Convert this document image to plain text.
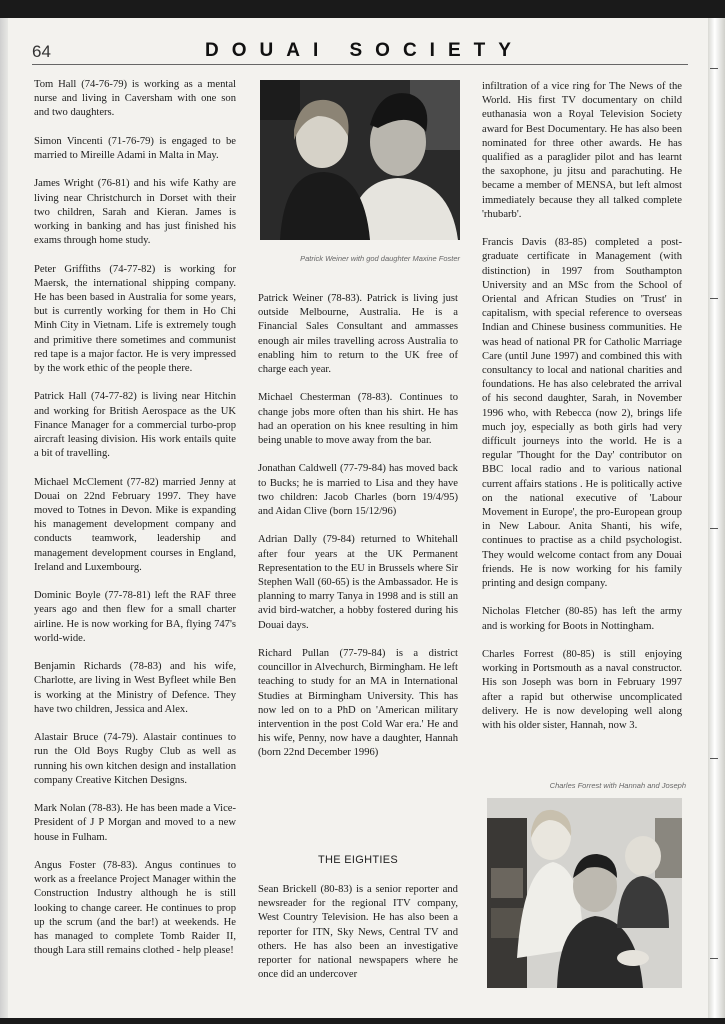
64	DOUAI SOCIETY

Tom Hall (74-76-79) is working as a mental nurse and living in Caversham with one son and two daughters.

Simon Vincenti (71-76-79) is engaged to be married to Mireille Adami in Malta in May.

James Wright (76-81) and his wife Kathy are living near Christchurch in Dorset with their two children, Sarah and Kieran. James is working in banking and has just finished his exams through home study.

Peter Griffiths (74-77-82) is working for Maersk, the international shipping company. He has been based in Australia for some years, but is currently working for them in Ho Chi Minh City in Vietnam. Life is extremely tough and primitive there sometimes and communist red tape is a major factor. He is very impressed by the work ethic of the people there.

Patrick Hall (74-77-82) is living near Hitchin and working for British Aerospace as the UK Finance Manager for a commercial turbo-prop aircraft leasing division. His work entails quite a bit of travelling.

Michael McClement (77-82) married Jenny at Douai on 22nd February 1997. They have moved to Totnes in Devon. Mike is expanding his management development company and conducts teamwork, leadership and management development courses in England, Ireland and Luxembourg.

Dominic Boyle (77-78-81) left the RAF three years ago and then flew for a small charter airline. He is now working for BA, flying 747's world-wide.

Benjamin Richards (78-83) and his wife, Charlotte, are living in West Byfleet while Ben is working at the Ministry of Defence. They have two children, Jessica and Alex.

Alastair Bruce (74-79). Alastair continues to run the Old Boys Rugby Club as well as running his own kitchen design and installation company Creative Kitchen Designs.

Mark Nolan (78-83). He has been made a Vice-President of J P Morgan and moved to a new house in Fulham.

Angus Foster (78-83). Angus continues to work as a freelance Project Manager within the Construction Industry although he is still looking to change career. He continues to prop up the scrum (and the bar!) at weekends. He has managed to complete Tomb Raider II, though Lara still remains clothed - help please!

Patrick Weiner with god daughter Maxine Foster

Patrick Weiner (78-83). Patrick is living just outside Melbourne, Australia. He is a Financial Sales Consultant and ammasses enough air miles travelling across Australia to enabling him to return to the UK free of charge each year.

Michael Chesterman (78-83). Continues to change jobs more often than his shirt. He has had an operation on his knee resulting in him being unable to move away from the bar.

Jonathan Caldwell (77-79-84) has moved back to Bucks; he is married to Lisa and they have two children: Jacob Charles (born 19/4/95) and Aidan Clive (born 15/12/96)

Adrian Dally (79-84) returned to Whitehall after four years at the UK Permanent Representation to the EU in Brussels where Sir Stephen Wall (60-65) is the Ambassador. He is planning to marry Tanya in 1998 and is still an avid bird-watcher, a hobby fostered during his Douai days.

Richard Pullan (77-79-84) is a district councillor in Alvechurch, Birmingham. He left teaching to study for an MA in International Studies at Birmingham University. This has now led on to a PhD on 'American military intervention in the post Cold War era.' He and his wife, Penny, now have a daughter, Hannah (born 22nd December 1996)

THE EIGHTIES

Sean Brickell (80-83) is a senior reporter and newsreader for the regional ITV company, West Country Television. He has also been a reporter for ITN, Sky News, Central TV and others. He has also been an investigative reporter for national newspapers where he once did an undercover

infiltration of a vice ring for The News of the World. His first TV documentary on child euthanasia won a Royal Television Society award for Best Documentary. He has also been nominated for three other awards. He has qualified as a paraglider pilot and has learnt the saxophone, ju jitsu and parachuting. He became a member of MENSA, but left almost immediately because they all talked complete 'rhubarb'.

Francis Davis (83-85) completed a post-graduate certificate in Management (with distinction) in 1997 from Southampton University and an MSc from the School of Oriental and African Studies on 'Trust' in capitalism, with special reference to overseas Indian and Chinese business communities. He was head of national PR for Catholic Marriage Care (until June 1997) and combined this with consultancy to local and national charities and foundations. He has also celebrated the arrival of his second daughter, Sarah, in November 1996 who, with Rebecca (now 2), brings life much joy, especially as both girls had very difficult journeys into the world. He is a regular 'Thought for the Day' contributor on BBC local radio and to various national current affairs stations . He is politically active on the national executive of 'Labour Movement in Europe', the pro-European group in New Labour. Anita Shanti, his wife, continues to practise as a child psychologist. They would welcome contact from any Douai friends. He is now working for his family printing and design company.

Nicholas Fletcher (80-85) has left the army and is working for Boots in Nottingham.

Charles Forrest (80-85) is still enjoying working in Portsmouth as a naval constructor. His son Joseph was born in February 1997 after a rapid but otherwise uncomplicated delivery. He is now developing well along with his older sister, Hannah, now 3.

Charles Forrest with Hannah and Joseph
